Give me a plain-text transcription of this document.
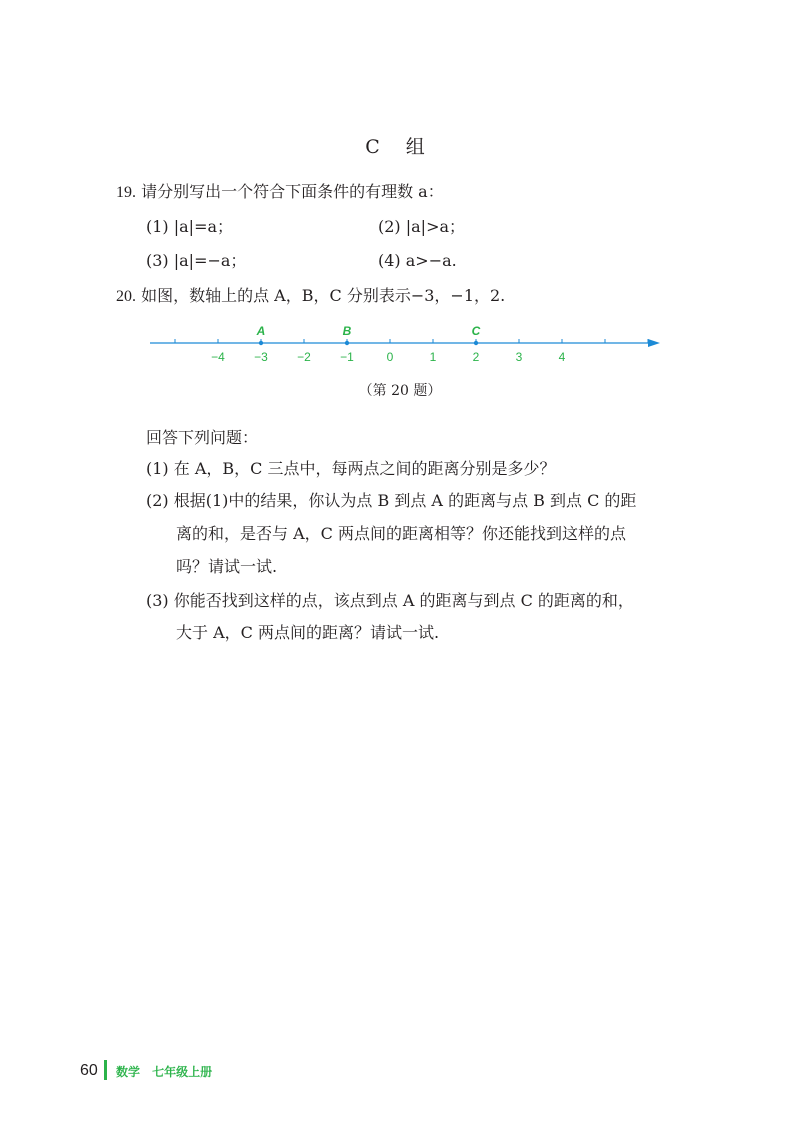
C 组
19. 请分别写出一个符合下面条件的有理数 a：
(1) |a|=a；	(2) |a|>a；
(3) |a|=−a；	(4) a>−a.
20. 如图，数轴上的点 A，B，C 分别表示−3，−1，2.
−4 −3 −2 −1	0	1	2	3	4
A	B	C
（第 20 题）
回答下列问题：
(1) 在 A，B，C 三点中，每两点之间的距离分别是多少？
(2) 根据(1)中的结果，你认为点 B 到点 A 的距离与点 B 到点 C 的距
离的和，是否与 A，C 两点间的距离相等？你还能找到这样的点
吗？请试一试.
(3) 你能否找到这样的点，该点到点 A 的距离与到点 C 的距离的和，
大于 A，C 两点间的距离？请试一试.
60 数学 七年级上册
